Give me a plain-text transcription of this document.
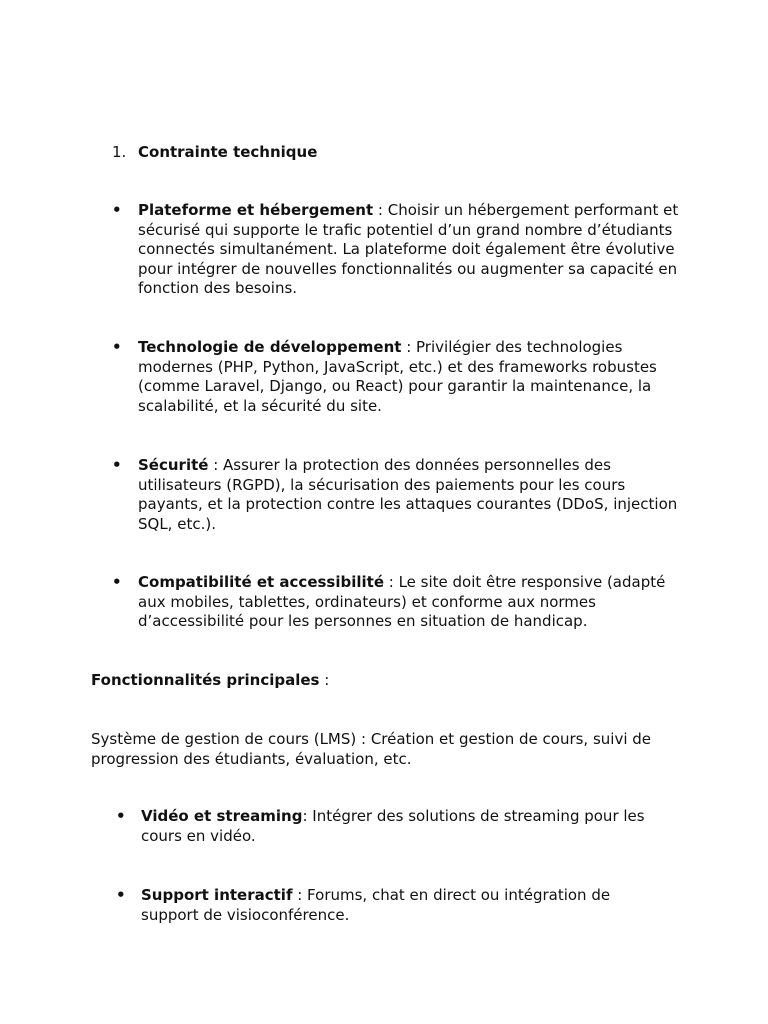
1. Contrainte technique
• Plateforme et hébergement : Choisir un hébergement performant et sécurisé qui supporte le trafic potentiel d’un grand nombre d’étudiants connectés simultanément. La plateforme doit également être évolutive pour intégrer de nouvelles fonctionnalités ou augmenter sa capacité en fonction des besoins.
• Technologie de développement : Privilégier des technologies modernes (PHP, Python, JavaScript, etc.) et des frameworks robustes (comme Laravel, Django, ou React) pour garantir la maintenance, la scalabilité, et la sécurité du site.
• Sécurité : Assurer la protection des données personnelles des utilisateurs (RGPD), la sécurisation des paiements pour les cours payants, et la protection contre les attaques courantes (DDoS, injection SQL, etc.).
• Compatibilité et accessibilité : Le site doit être responsive (adapté aux mobiles, tablettes, ordinateurs) et conforme aux normes d’accessibilité pour les personnes en situation de handicap.
Fonctionnalités principales :
Système de gestion de cours (LMS) : Création et gestion de cours, suivi de progression des étudiants, évaluation, etc.
• Vidéo et streaming: Intégrer des solutions de streaming pour les cours en vidéo.
• Support interactif : Forums, chat en direct ou intégration de support de visioconférence.
